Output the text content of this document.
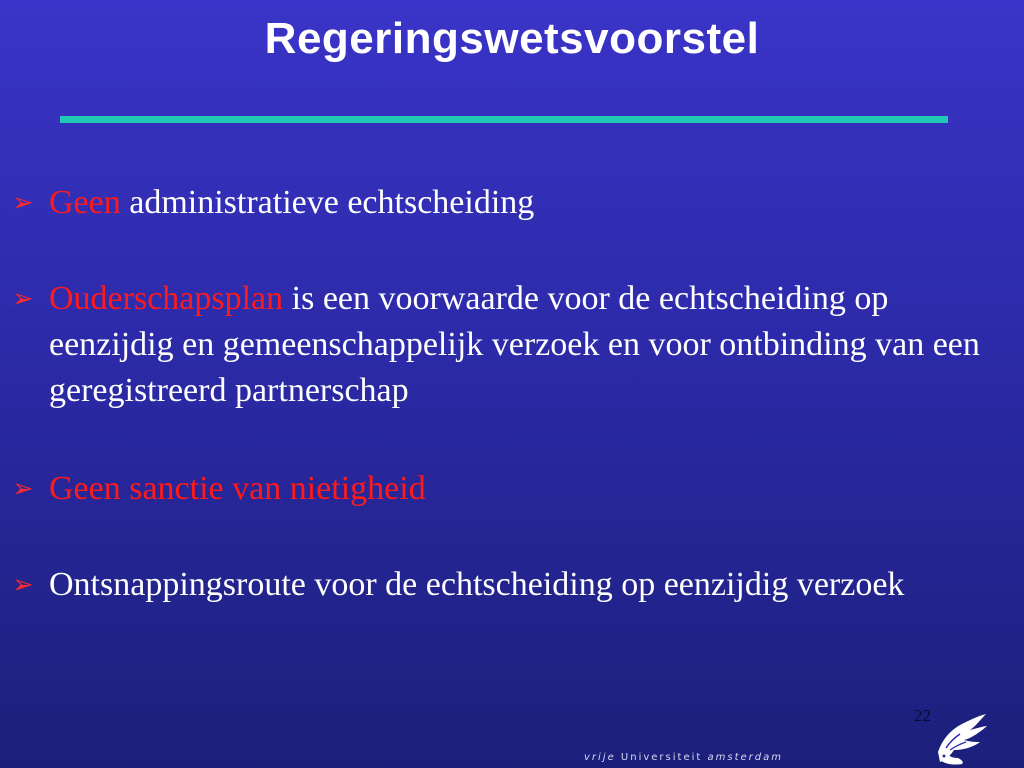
Regeringswetsvoorstel
➢ Geen administratieve echtscheiding
➢ Ouderschapsplan is een voorwaarde voor de echtscheiding op eenzijdig en gemeenschappelijk verzoek en voor ontbinding van een geregistreerd partnerschap
➢ Geen sanctie van nietigheid
➢ Ontsnappingsroute voor de echtscheiding op eenzijdig verzoek
22
vrije Universiteit amsterdam
